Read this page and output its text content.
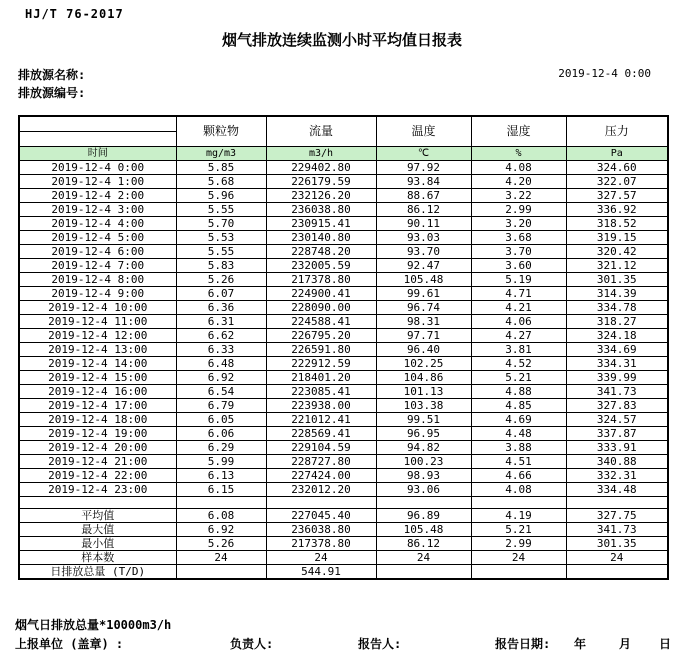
HJ/T 76-2017
烟气排放连续监测小时平均值日报表
排放源名称:
排放源编号:
2019-12-4 0:00
	颗粒物	流量	温度	湿度	压力

时间	mg/m3	m3/h	℃	%	Pa
2019-12-4 0:00	5.85	229402.80	97.92	4.08	324.60
2019-12-4 1:00	5.68	226179.59	93.84	4.20	322.07
2019-12-4 2:00	5.96	232126.20	88.67	3.22	327.57
2019-12-4 3:00	5.55	236038.80	86.12	2.99	336.92
2019-12-4 4:00	5.70	230915.41	90.11	3.20	318.52
2019-12-4 5:00	5.53	230140.80	93.03	3.68	319.15
2019-12-4 6:00	5.55	228748.20	93.70	3.70	320.42
2019-12-4 7:00	5.83	232005.59	92.47	3.60	321.12
2019-12-4 8:00	5.26	217378.80	105.48	5.19	301.35
2019-12-4 9:00	6.07	224900.41	99.61	4.71	314.39
2019-12-4 10:00	6.36	228090.00	96.74	4.21	334.78
2019-12-4 11:00	6.31	224588.41	98.31	4.06	318.27
2019-12-4 12:00	6.62	226795.20	97.71	4.27	324.18
2019-12-4 13:00	6.33	226591.80	96.40	3.81	334.69
2019-12-4 14:00	6.48	222912.59	102.25	4.52	334.31
2019-12-4 15:00	6.92	218401.20	104.86	5.21	339.99
2019-12-4 16:00	6.54	223085.41	101.13	4.88	341.73
2019-12-4 17:00	6.79	223938.00	103.38	4.85	327.83
2019-12-4 18:00	6.05	221012.41	99.51	4.69	324.57
2019-12-4 19:00	6.06	228569.41	96.95	4.48	337.87
2019-12-4 20:00	6.29	229104.59	94.82	3.88	333.91
2019-12-4 21:00	5.99	228727.80	100.23	4.51	340.88
2019-12-4 22:00	6.13	227424.00	98.93	4.66	332.31
2019-12-4 23:00	6.15	232012.20	93.06	4.08	334.48

平均值	6.08	227045.40	96.89	4.19	327.75
最大值	6.92	236038.80	105.48	5.21	341.73
最小值	5.26	217378.80	86.12	2.99	301.35
样本数	24	24	24	24	24
日排放总量 (T/D)		544.91			
烟气日排放总量*10000m3/h
上报单位 (盖章) :	负责人:	报告人:	报告日期: 年	月 日
